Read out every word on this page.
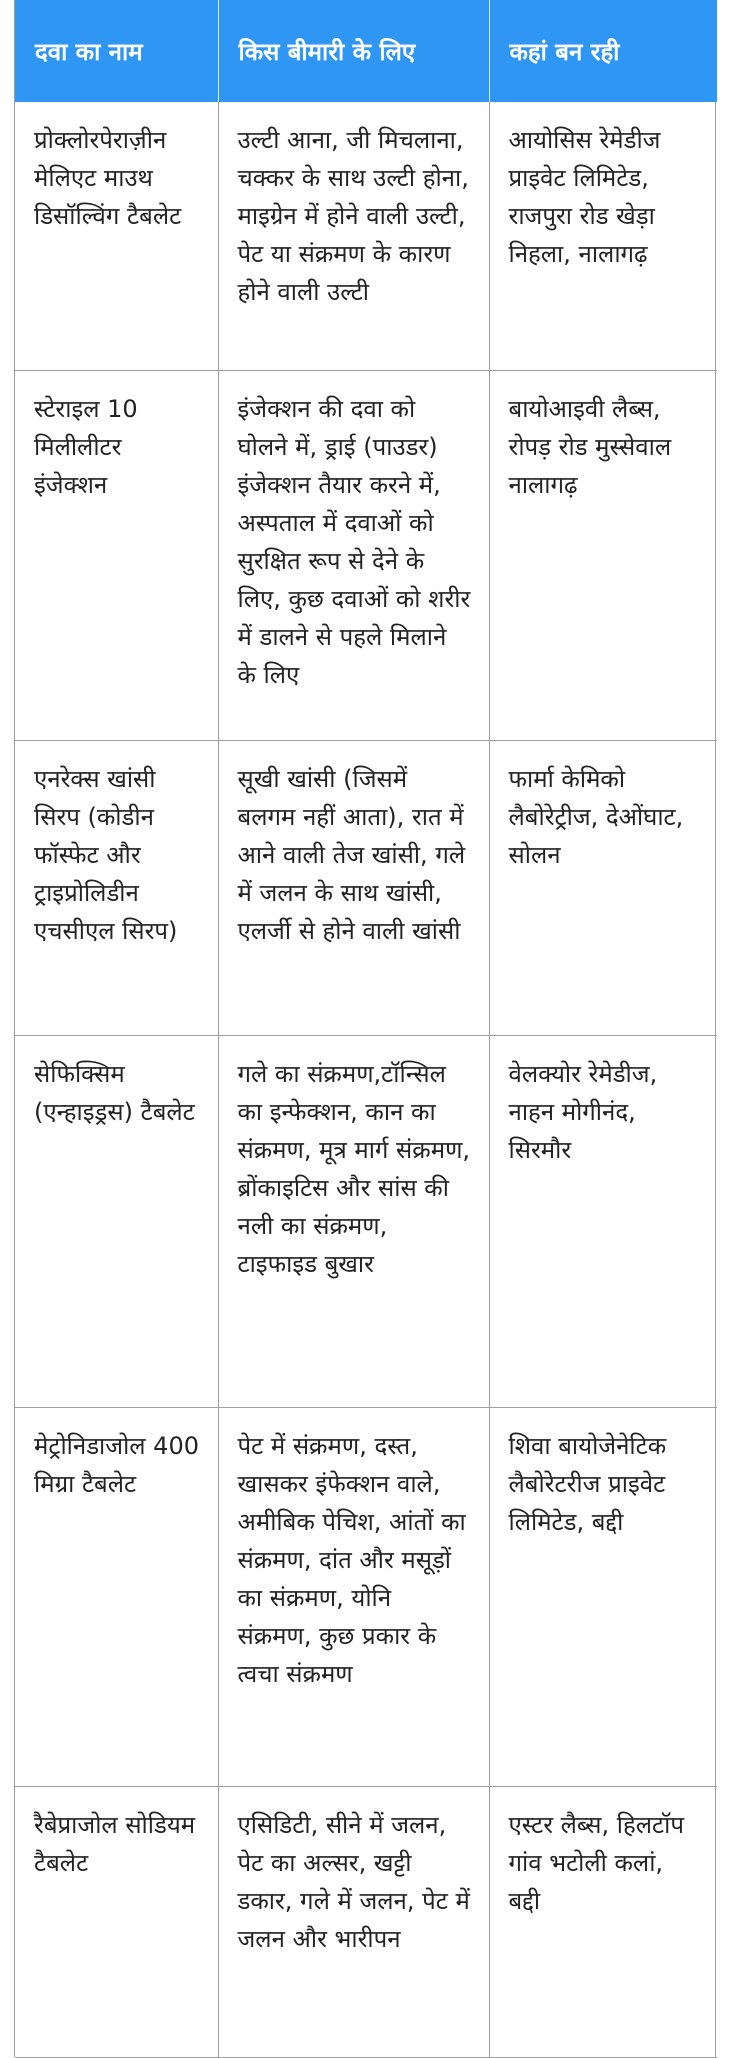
दवा का नाम	किस बीमारी के लिए	कहां बन रही
प्रोक्लोरपेराज़ीन मेलिएट माउथ डिसॉल्विंग टैबलेट	उल्टी आना, जी मिचलाना, चक्कर के साथ उल्टी होना, माइग्रेन में होने वाली उल्टी, पेट या संक्रमण के कारण होने वाली उल्टी	आयोसिस रेमेडीज प्राइवेट लिमिटेड, राजपुरा रोड खेड़ा निहला, नालागढ़
स्टेराइल 10 मिलीलीटर इंजेक्शन	इंजेक्शन की दवा को घोलने में, ड्राई (पाउडर) इंजेक्शन तैयार करने में, अस्पताल में दवाओं को सुरक्षित रूप से देने के लिए, कुछ दवाओं को शरीर में डालने से पहले मिलाने के लिए	बायोआइवी लैब्स, रोपड़ रोड मुस्सेवाल नालागढ़
एनरेक्स खांसी सिरप (कोडीन फॉस्फेट और ट्राइप्रोलिडीन एचसीएल सिरप)	सूखी खांसी (जिसमें बलगम नहीं आता), रात में आने वाली तेज खांसी, गले में जलन के साथ खांसी, एलर्जी से होने वाली खांसी	फार्मा केमिको लैबोरेट्रीज, देओंघाट, सोलन
सेफिक्सिम (एन्हाइड्रस) टैबलेट	गले का संक्रमण,टॉन्सिल का इन्फेक्शन, कान का संक्रमण, मूत्र मार्ग संक्रमण, ब्रोंकाइटिस और सांस की नली का संक्रमण, टाइफाइड बुखार	वेलक्योर रेमेडीज, नाहन मोगीनंद, सिरमौर
मेट्रोनिडाजोल 400 मिग्रा टैबलेट	पेट में संक्रमण, दस्त, खासकर इंफेक्शन वाले, अमीबिक पेचिश, आंतों का संक्रमण, दांत और मसूड़ों का संक्रमण, योनि संक्रमण, कुछ प्रकार के त्वचा संक्रमण	शिवा बायोजेनेटिक लैबोरेटरीज प्राइवेट लिमिटेड, बद्दी
रैबेप्राजोल सोडियम टैबलेट	एसिडिटी, सीने में जलन, पेट का अल्सर, खट्टी डकार, गले में जलन, पेट में जलन और भारीपन	एस्टर लैब्स, हिलटॉप गांव भटोली कलां, बद्दी
